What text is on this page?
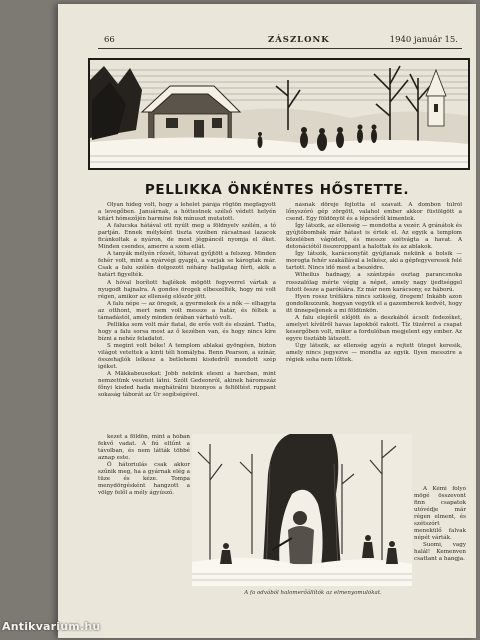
66	ZÁSZLONK	1940 január 15.
PELLIKKA ÖNKÉNTES HŐSTETTE.

Olyan hideg volt, hogy a lehelet párája rögtön megfagyott a levegőben. Januárnak, a hóttestnek szélső védett helyén kitárt hómezőjén harmine fok mínuszt mutatott.

A falucska hátával ott nyúlt meg a földnyelv szélén, a tó partján. Ennek mélyként tiszta vizében rácsatnasi lazacok ficánkoltak a nyáron, de most jégpáncél nyomja el őket. Minden csendes, amerre a szem ellát.

A tanyák mélyén rőzsét, lóhavat gyűjtött a felszeg. Minden fehér volt, mint a nyárvégi gyapjú, a varjak se károgtak már. Csak a falu szélén dolgozott néhány hallgatag férfi, akik a határt figyelték.

A hóval borított hajlékok mögött fegyverrel vártak a nyugodt hajnalra. A gondos öregek elbeszélték, hogy mi volt régen, amikor az ellenség először jött.

A falu népe — az öregek, a gyermekek és a nők — elhagyta az otthont, mert nem volt messze a határ, és féltek a támadástól, amely minden órában várható volt.

Pellikka sem volt már fiatal, de erős volt és elszánt. Tudta, hogy a falu sorsa most az ő kezében van, és hogy nincs kire bízni a nehéz feladatot.

S megint volt béke! A templom ablakai gyöngéen, bizton világot vetettek a kinti téli homályba. Benn Pearson, a színár, összehajlók lelkesz a betlehemi kisdedről mondott szép igéket.

A Mäkkabeusokat: Jobb nekünk elesni a harcban, mint nemzetünk veszteit látni. Szólt Gedeonról, akinek háromszáz főnyi kisded hada meghátrálni bizonyos a feltöltést ruppant sokaság táborát az Úr segítségével.

násnak döreje fojtotta el szavait. A dombon túlról lőnyszóró gép zörgött, valahol ember akkor füstölgött a csend. Egy földönyöl és a lépcsőről kimentek.

Így látszik, az ellenség — mondotta a vezér. A gránátok és gyújtóbombák már hátast is értek el. Az egyik a templom közelében vágódott, és messze szétvágta a havat. A detonációtól összeroppant a halottak és az ablakok.

Így látszik, karácsonyfát gyújtanak nekünk a bolsik — morogta fehér szakállával a lelkész, aki a gépfegyveresek felé tartott. Nincs idő most a beszédre.

Wiheilus hadnagy, a szántzpás osztag parancsnoka rosszalólag mérte végig a népet, amely nagy ijedtséggel futott össze a parókiára. Ez már nem karácsony, ez háború.

Hyen rossz tréfákra nincs szükség, öregem! Inkább azon gondolkozzunk, hogyan vegyük el a gazemberek kedvét, hogy itt ünnepeljenek a mi földünkön.

A falu elejéről előjött és a deszkából ácsolt fedezéket, amelyet kívülről havas lapokból rakott. Tíz tüzérrel a csapat kesergőben volt, mikor a fordulóban megjelent egy ember. Az egyre tisztább látszott.

Úgy látszik, az ellenség agyúi a rejtett üteget keresik, amely nincs jegyezve — mondta az egyik. Ilyen messzire a régiek soha nem lőttek.

kezet a földön, mint a hóban fekvő vadat. A fiú eltűnt a távolban, és nem látták többé aznap este.

Ő hátoriulás csak akkor szűnik meg, ha a gyárnak elég a tüze és kéze. Tompa menydörgésként hangzott a völgy felől a mély ágyúszó.

A Kémi folyó mögé összevont finn csapatok utóvédje már régen elment, és szétszórt menekülő falvak népét várták.

Suomi, vagy halál! Kemenven csattant a hangja.

A fa odvából halomerőállítók az elmenyomulókat.
Antikvarium.hu
